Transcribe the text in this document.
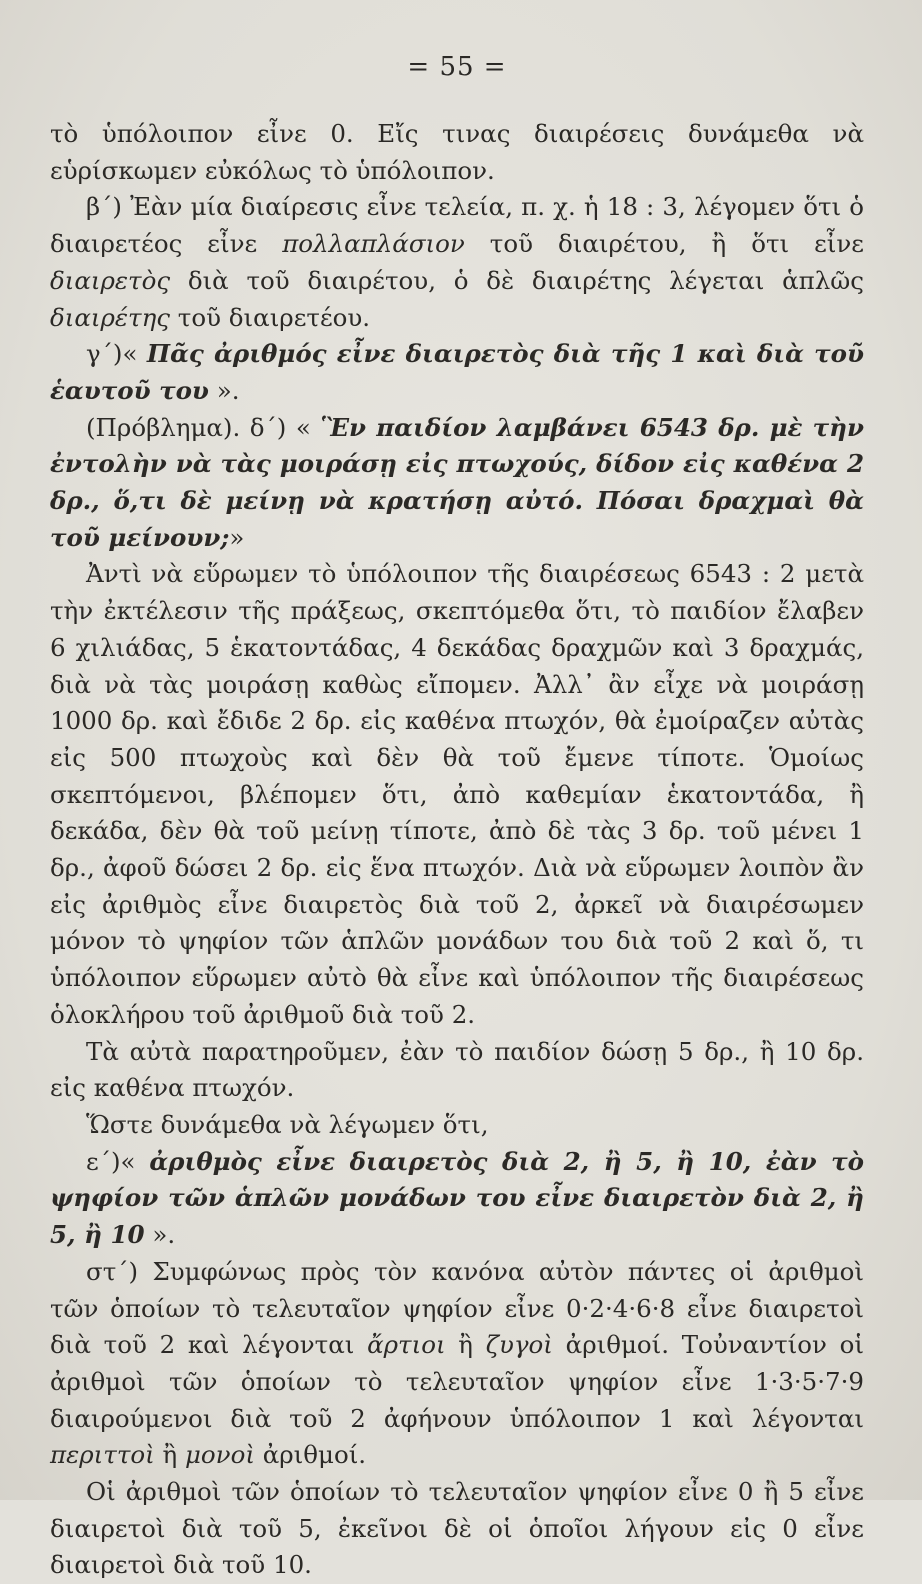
= 55 =

τὸ ὑπόλοιπον εἶνε 0. Εἴς τινας διαιρέσεις δυνάμεθα νὰ εὑρίσκωμεν εὐκόλως τὸ ὑπόλοιπον.

β´) Ἐὰν μία διαίρεσις εἶνε τελεία, π. χ. ἡ 18 : 3, λέγομεν ὅτι ὁ διαιρετέος εἶνε πολλαπλάσιον τοῦ διαιρέτου, ἢ ὅτι εἶνε διαιρετὸς διὰ τοῦ διαιρέτου, ὁ δὲ διαιρέτης λέγεται ἁπλῶς διαιρέτης τοῦ διαιρετέου.

γ´)« Πᾶς ἀριθμός εἶνε διαιρετὸς διὰ τῆς 1 καὶ διὰ τοῦ ἑαυτοῦ του ».

(Πρόβλημα). δ´) « Ἓν παιδίον λαμβάνει 6543 δρ. μὲ τὴν ἐντολὴν νὰ τὰς μοιράσῃ εἰς πτωχούς, δίδον εἰς καθένα 2 δρ., ὅ,τι δὲ μείνῃ νὰ κρατήσῃ αὐτό. Πόσαι δραχμαὶ θὰ τοῦ μείνουν;»

Ἀντὶ νὰ εὕρωμεν τὸ ὑπόλοιπον τῆς διαιρέσεως 6543 : 2 μετὰ τὴν ἐκτέλεσιν τῆς πράξεως, σκεπτόμεθα ὅτι, τὸ παιδίον ἔλαβεν 6 χιλιάδας, 5 ἑκατοντάδας, 4 δεκάδας δραχμῶν καὶ 3 δραχμάς, διὰ νὰ τὰς μοιράσῃ καθὼς εἴπομεν. Ἀλλ᾽ ἂν εἶχε νὰ μοιράσῃ 1000 δρ. καὶ ἔδιδε 2 δρ. εἰς καθένα πτωχόν, θὰ ἐμοίραζεν αὐτὰς εἰς 500 πτωχοὺς καὶ δὲν θὰ τοῦ ἔμενε τίποτε. Ὁμοίως σκεπτόμενοι, βλέπομεν ὅτι, ἀπὸ καθεμίαν ἑκατοντάδα, ἢ δεκάδα, δὲν θὰ τοῦ μείνῃ τίποτε, ἀπὸ δὲ τὰς 3 δρ. τοῦ μένει 1 δρ., ἀφοῦ δώσει 2 δρ. εἰς ἕνα πτωχόν. Διὰ νὰ εὕρωμεν λοιπὸν ἂν εἰς ἀριθμὸς εἶνε διαιρετὸς διὰ τοῦ 2, ἀρκεῖ νὰ διαιρέσωμεν μόνον τὸ ψηφίον τῶν ἁπλῶν μονάδων του διὰ τοῦ 2 καὶ ὅ, τι ὑπόλοιπον εὕρωμεν αὐτὸ θὰ εἶνε καὶ ὑπόλοιπον τῆς διαιρέσεως ὁλοκλήρου τοῦ ἀριθμοῦ διὰ τοῦ 2.

Τὰ αὐτὰ παρατηροῦμεν, ἐὰν τὸ παιδίον δώσῃ 5 δρ., ἢ 10 δρ. εἰς καθένα πτωχόν.

Ὥστε δυνάμεθα νὰ λέγωμεν ὅτι,

ε´)« ἀριθμὸς εἶνε διαιρετὸς διὰ 2, ἢ 5, ἢ 10, ἐὰν τὸ ψηφίον τῶν ἁπλῶν μονάδων του εἶνε διαιρετὸν διὰ 2, ἢ 5, ἢ 10 ».

στ´) Συμφώνως πρὸς τὸν κανόνα αὐτὸν πάντες οἱ ἀριθμοὶ τῶν ὁποίων τὸ τελευταῖον ψηφίον εἶνε 0·2·4·6·8 εἶνε διαιρετοὶ διὰ τοῦ 2 καὶ λέγονται ἄρτιοι ἢ ζυγοὶ ἀριθμοί. Τοὐναντίον οἱ ἀριθμοὶ τῶν ὁποίων τὸ τελευταῖον ψηφίον εἶνε 1·3·5·7·9 διαιρούμενοι διὰ τοῦ 2 ἀφήνουν ὑπόλοιπον 1 καὶ λέγονται περιττοὶ ἢ μονοὶ ἀριθμοί.

Οἱ ἀριθμοὶ τῶν ὁποίων τὸ τελευταῖον ψηφίον εἶνε 0 ἢ 5 εἶνε διαιρετοὶ διὰ τοῦ 5, ἐκεῖνοι δὲ οἱ ὁποῖοι λήγουν εἰς 0 εἶνε διαιρετοὶ διὰ τοῦ 10.
